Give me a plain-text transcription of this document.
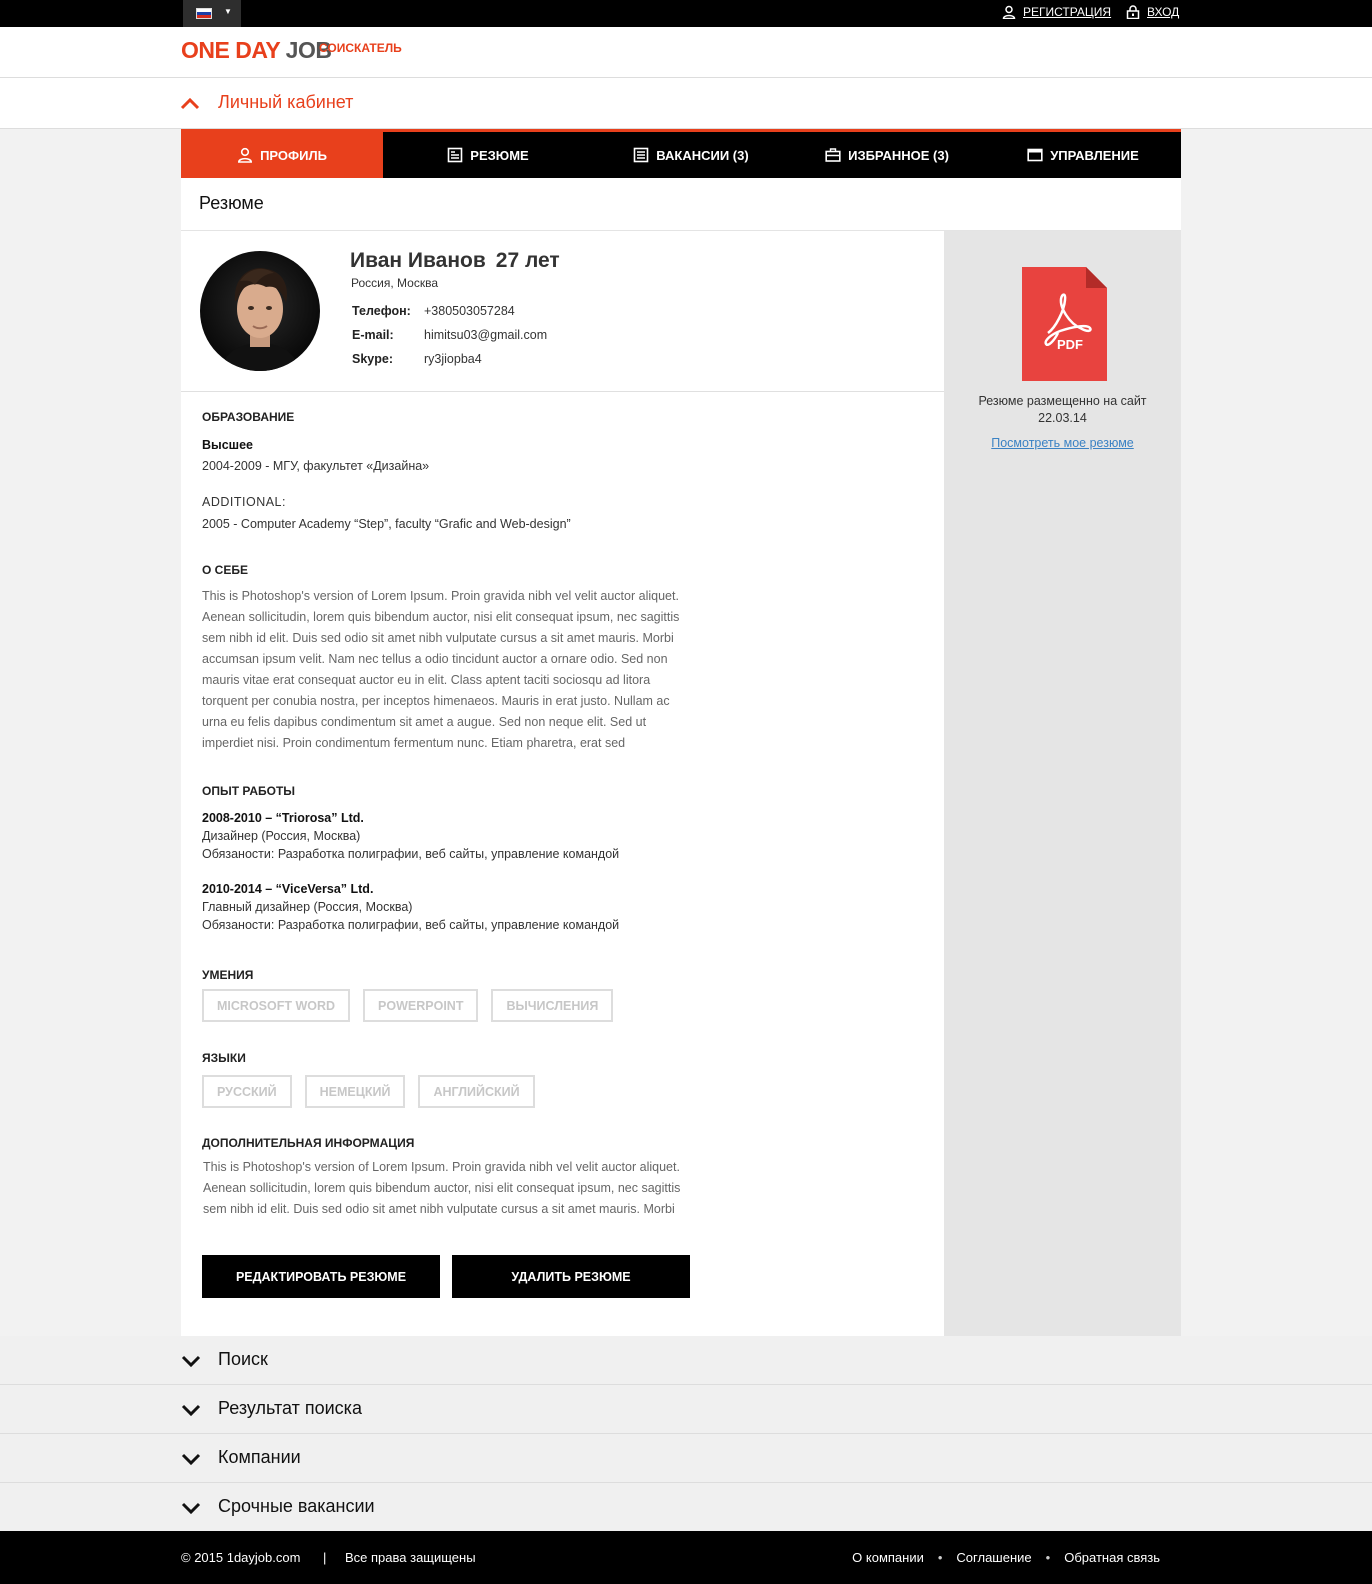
▼	РЕГИСТРАЦИЯ	ВХОД
ONE DAY JOB
СОИСКАТЕЛЬ
Личный кабинет
ПРОФИЛЬ	РЕЗЮМЕ	ВАКАНСИИ (3)	ИЗБРАННОЕ (3)	УПРАВЛЕНИЕ
Резюме
Иван Иванов 27 лет
Россия, Москва
Телефон:	+380503057284
E-mail:	himitsu03@gmail.com
Skype:	ry3jiopba4
ОБРАЗОВАНИЕ
Высшее
2004-2009 - МГУ, факультет «Дизайна»
ADDITIONAL:
2005 - Computer Academy “Step”, faculty “Grafic and Web-design”
О СЕБЕ
This is Photoshop's version of Lorem Ipsum. Proin gravida nibh vel velit auctor aliquet.
Aenean sollicitudin, lorem quis bibendum auctor, nisi elit consequat ipsum, nec sagittis
sem nibh id elit. Duis sed odio sit amet nibh vulputate cursus a sit amet mauris. Morbi
accumsan ipsum velit. Nam nec tellus a odio tincidunt auctor a ornare odio. Sed non
mauris vitae erat consequat auctor eu in elit. Class aptent taciti sociosqu ad litora
torquent per conubia nostra, per inceptos himenaeos. Mauris in erat justo. Nullam ac
urna eu felis dapibus condimentum sit amet a augue. Sed non neque elit. Sed ut
imperdiet nisi. Proin condimentum fermentum nunc. Etiam pharetra, erat sed
ОПЫТ РАБОТЫ
2008-2010 – “Triorosa” Ltd.
Дизайнер (Россия, Москва)
Обязаности: Разработка полиграфии, веб сайты, управление командой
2010-2014 – “ViceVersa” Ltd.
Главный дизайнер (Россия, Москва)
Обязаности: Разработка полиграфии, веб сайты, управление командой
УМЕНИЯ
MICROSOFT WORD	POWERPOINT	ВЫЧИСЛЕНИЯ
ЯЗЫКИ
РУССКИЙ	НЕМЕЦКИЙ	АНГЛИЙСКИЙ
ДОПОЛНИТЕЛЬНАЯ ИНФОРМАЦИЯ
This is Photoshop's version of Lorem Ipsum. Proin gravida nibh vel velit auctor aliquet.
Aenean sollicitudin, lorem quis bibendum auctor, nisi elit consequat ipsum, nec sagittis
sem nibh id elit. Duis sed odio sit amet nibh vulputate cursus a sit amet mauris. Morbi
РЕДАКТИРОВАТЬ РЕЗЮМЕ	УДАЛИТЬ РЕЗЮМЕ
PDF
Резюме размещенно на сайт
22.03.14
Посмотреть мое резюме
Поиск
Результат поиска
Компании
Срочные вакансии
© 2015 1dayjob.com | Все права защищены	О компании • Соглашение • Обратная связь
